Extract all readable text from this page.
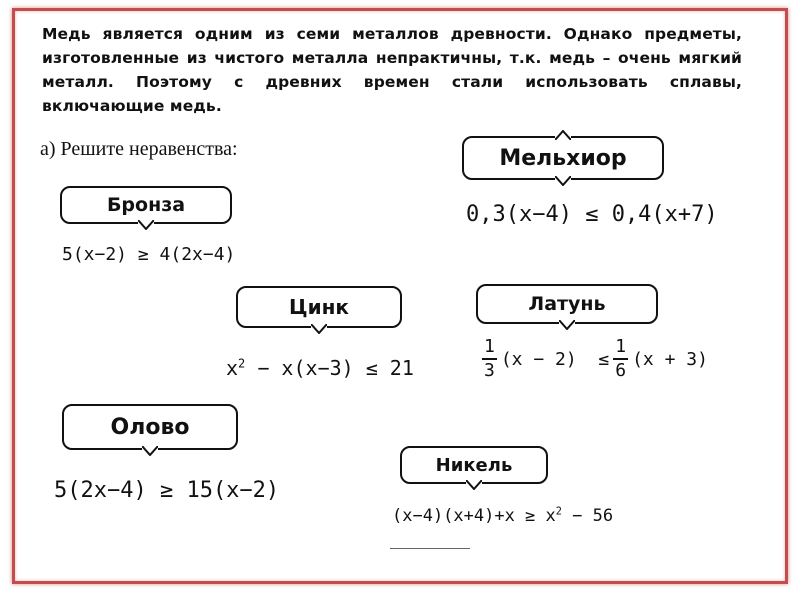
Медь является одним из семи металлов древности. Однако предметы, изготовленные из чистого металла непрактичны, т.к. медь – очень мягкий металл. Поэтому с древних времен стали использовать сплавы, включающие медь.
а) Решите неравенства:
Бронза
5(x−2) ≥ 4(2x−4)
Мельхиор
0,3(x−4) ≤ 0,4(x+7)
Цинк
$x^2 - x(x-3) \le 21$
Латунь
$\frac{1}{3} (x - 2) \le \frac{1}{6} (x + 3)$
Олово
5(2x−4) ≥ 15(x−2)
Никель
$(x-4)(x+4)+x \ge x^2 - 56$
